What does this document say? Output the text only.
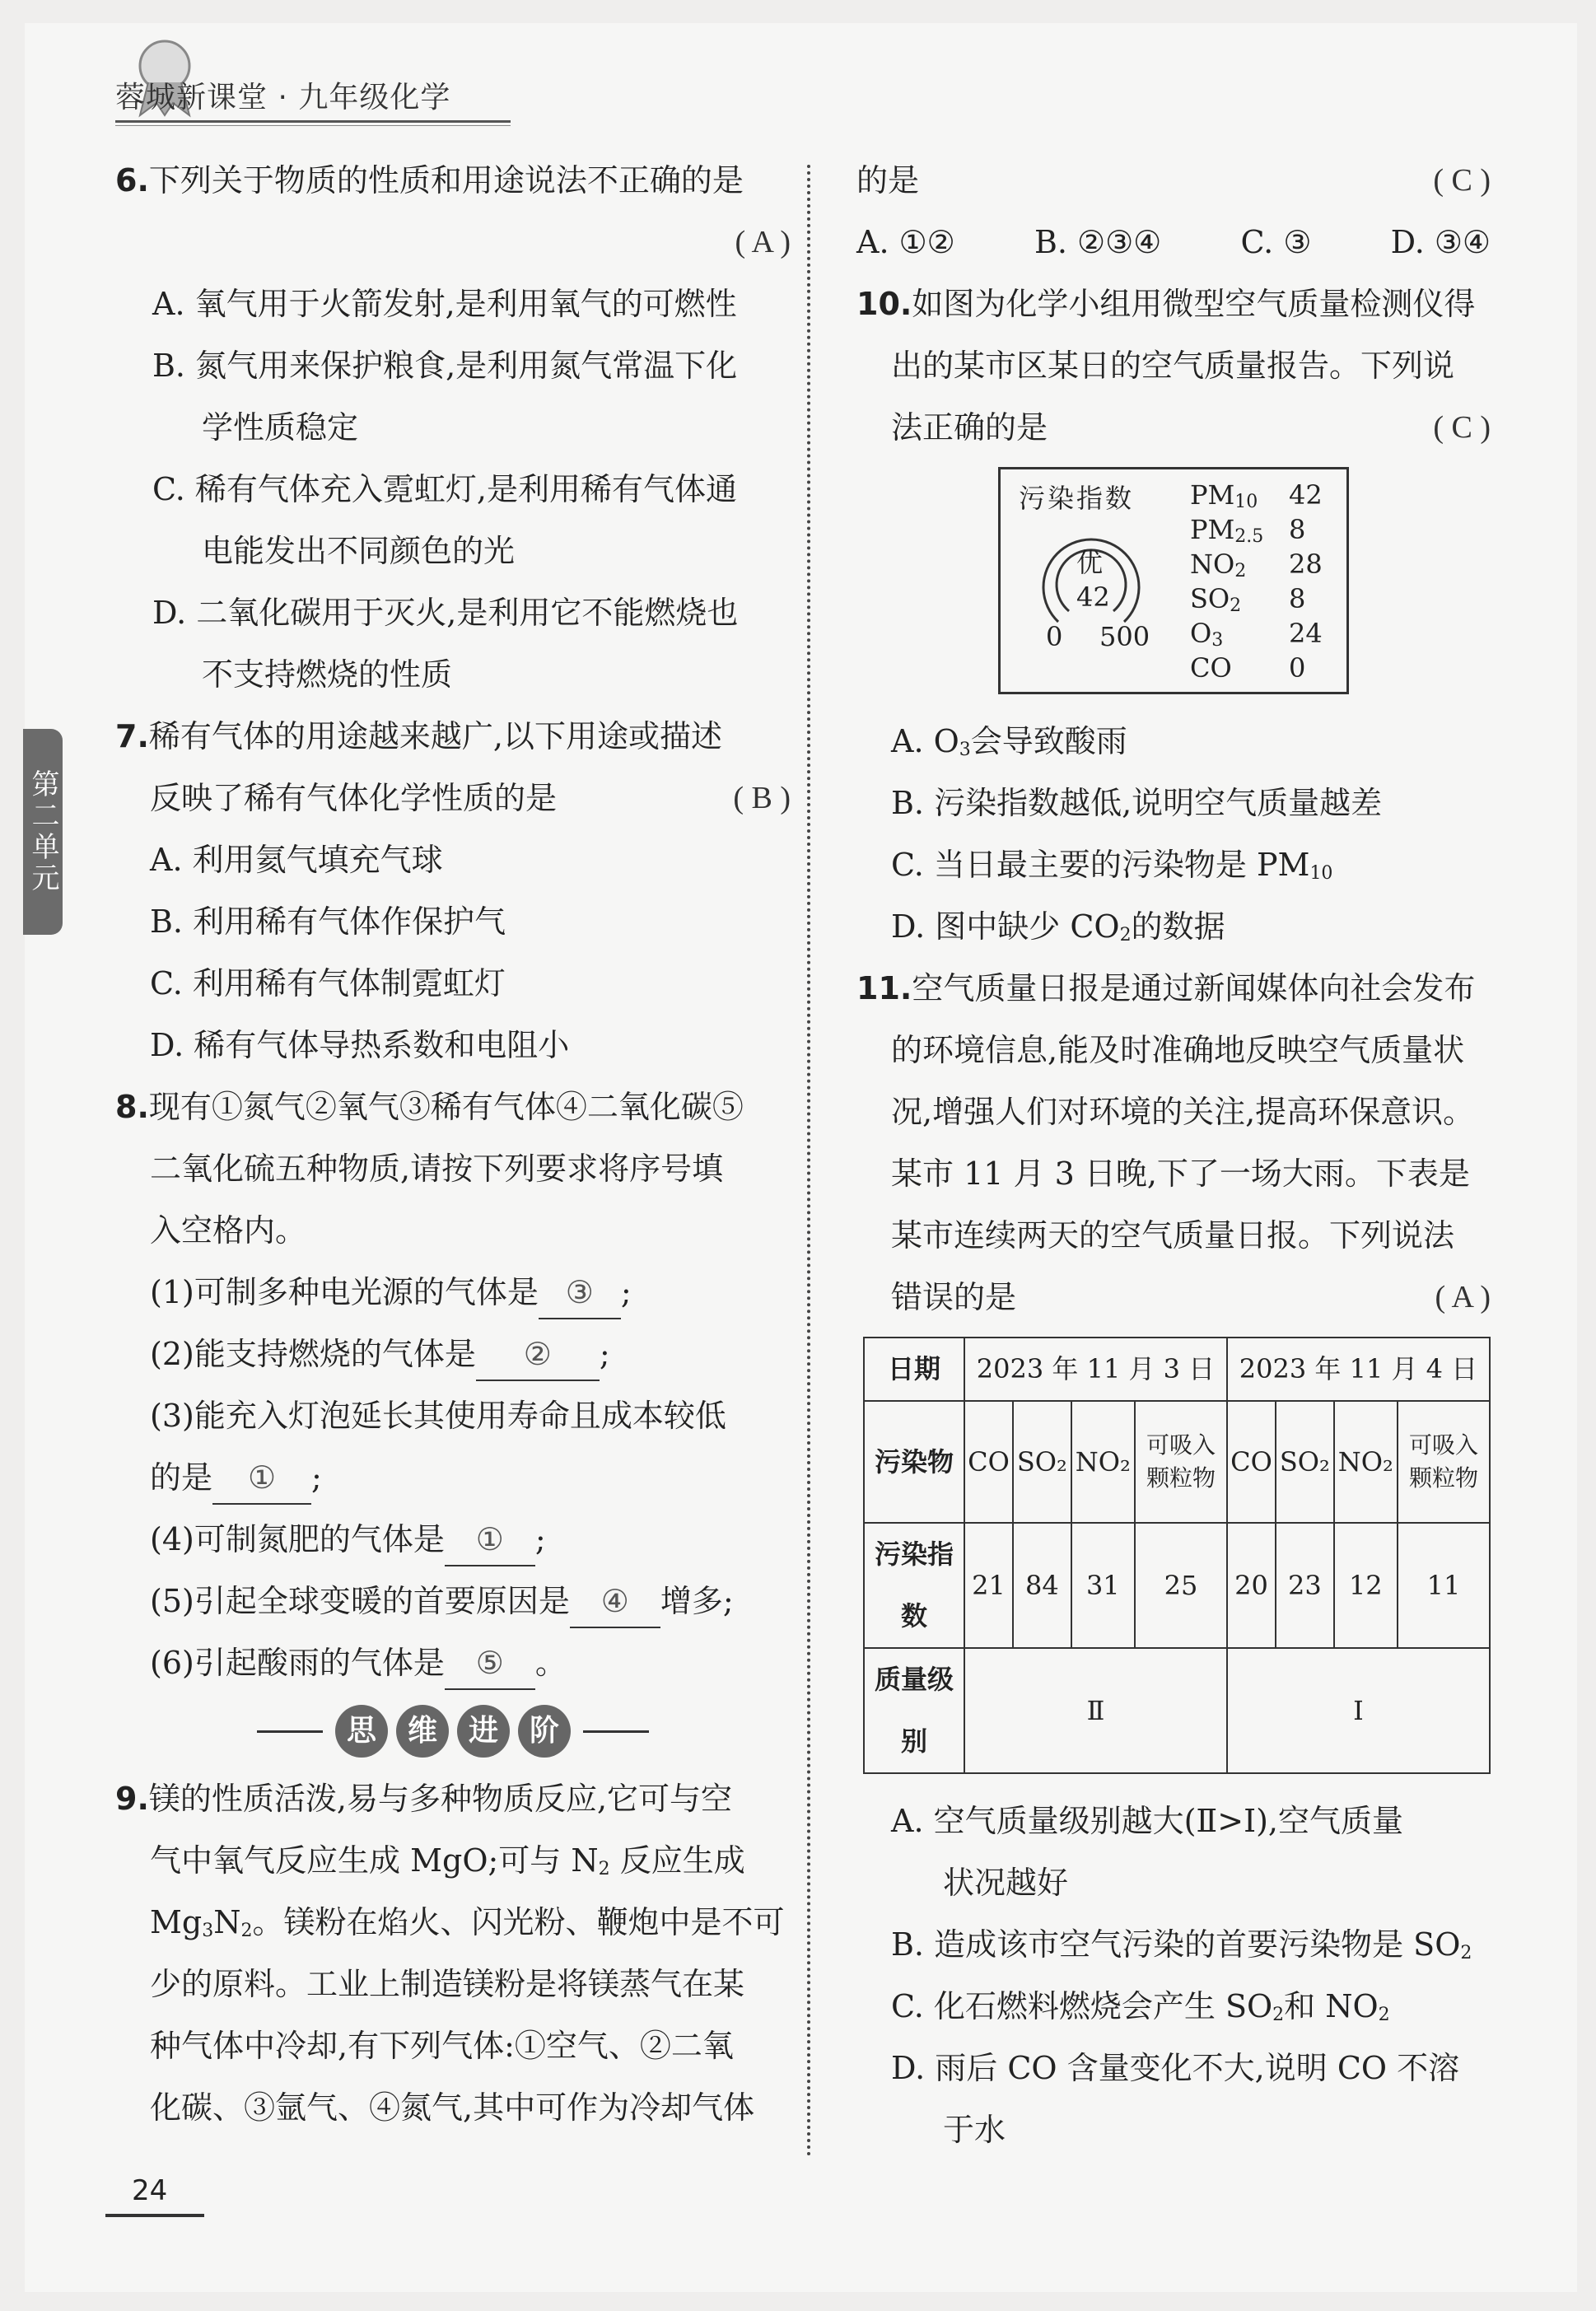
蓉城新课堂 · 九年级化学
第二单元
6.下列关于物质的性质和用途说法不正确的是
( A )
A. 氧气用于火箭发射,是利用氧气的可燃性
B. 氮气用来保护粮食,是利用氮气常温下化
学性质稳定
C. 稀有气体充入霓虹灯,是利用稀有气体通
电能发出不同颜色的光
D. 二氧化碳用于灭火,是利用它不能燃烧也
不支持燃烧的性质
7.稀有气体的用途越来越广,以下用途或描述
反映了稀有气体化学性质的是	( B )
A. 利用氦气填充气球
B. 利用稀有气体作保护气
C. 利用稀有气体制霓虹灯
D. 稀有气体导热系数和电阻小
8.现有①氮气②氧气③稀有气体④二氧化碳⑤
二氧化硫五种物质,请按下列要求将序号填
入空格内。
(1)可制多种电光源的气体是 ③ ;
(2)能支持燃烧的气体是 ② ;
(3)能充入灯泡延长其使用寿命且成本较低
的是 ① ;
(4)可制氮肥的气体是 ① ;
(5)引起全球变暖的首要原因是 ④ 增多;
(6)引起酸雨的气体是 ⑤ 。
思	维	进	阶
9.镁的性质活泼,易与多种物质反应,它可与空
气中氧气反应生成 MgO;可与 N2 反应生成
Mg3N2。镁粉在焰火、闪光粉、鞭炮中是不可
少的原料。工业上制造镁粉是将镁蒸气在某
种气体中冷却,有下列气体:①空气、②二氧
化碳、③氩气、④氮气,其中可作为冷却气体
的是	( C )
A. ①②	B. ②③④	C. ③	D. ③④
10.如图为化学小组用微型空气质量检测仪得
出的某市区某日的空气质量报告。下列说
法正确的是	( C )
污染指数
优
42
0 500
PM10 42
PM2.5 8
NO2 28
SO2 8
O3 24
CO 0
A. O3会导致酸雨
B. 污染指数越低,说明空气质量越差
C. 当日最主要的污染物是 PM10
D. 图中缺少 CO2的数据
11.空气质量日报是通过新闻媒体向社会发布
的环境信息,能及时准确地反映空气质量状
况,增强人们对环境的关注,提高环保意识。
某市 11 月 3 日晚,下了一场大雨。下表是
某市连续两天的空气质量日报。下列说法
错误的是	( A )
日期	2023 年 11 月 3 日				2023 年 11 月 4 日			
污染物	CO	SO₂	NO₂	可吸入颗粒物	CO	SO₂	NO₂	可吸入颗粒物
污染指数	21	84	31	25	20	23	12	11
质量级别	Ⅱ				Ⅰ			
A. 空气质量级别越大(Ⅱ>Ⅰ),空气质量
状况越好
B. 造成该市空气污染的首要污染物是 SO2
C. 化石燃料燃烧会产生 SO2和 NO2
D. 雨后 CO 含量变化不大,说明 CO 不溶
于水
24
